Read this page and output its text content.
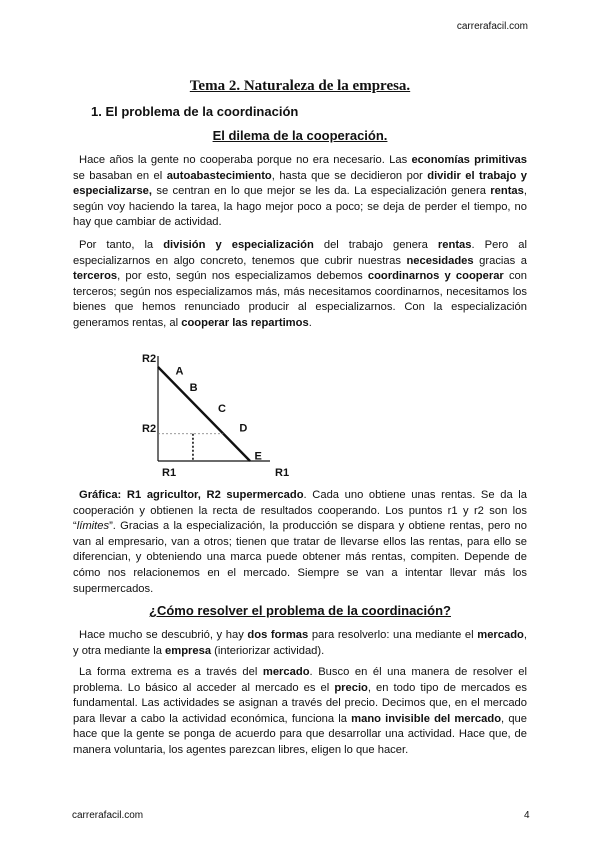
carrerafacil.com
Tema 2. Naturaleza de la empresa.
1. El problema de la coordinación
El dilema de la cooperación.

Hace años la gente no cooperaba porque no era necesario. Las economías primitivas se basaban en el autoabastecimiento, hasta que se decidieron por dividir el trabajo y especializarse, se centran en lo que mejor se les da. La especialización genera rentas, según voy haciendo la tarea, la hago mejor poco a poco; se deja de perder el tiempo, no hay que cambiar de actividad.

Por tanto, la división y especialización del trabajo genera rentas. Pero al especializarnos en algo concreto, tenemos que cubrir nuestras necesidades gracias a terceros, por esto, según nos especializamos debemos coordinarnos y cooperar con terceros; según nos especializamos más, más necesitamos coordinarnos, necesitamos los bienes que hemos renunciado producir al especializarnos. Con la especialización generamos rentas, al cooperar las repartimos.

A
B
C
D
E
R2
R2
R1	R1

Gráfica: R1 agricultor, R2 supermercado. Cada uno obtiene unas rentas. Se da la cooperación y obtienen la recta de resultados cooperando. Los puntos r1 y r2 son los “límites”. Gracias a la especialización, la producción se dispara y obtiene rentas, pero no van al empresario, van a otros; tienen que tratar de llevarse ellos las rentas, para ello se diferencian, y obteniendo una marca puede obtener más rentas, compiten. Depende de cómo nos relacionemos en el mercado. Siempre se van a intentar llevar más los supermercados.

¿Cómo resolver el problema de la coordinación?

Hace mucho se descubrió, y hay dos formas para resolverlo: una mediante el mercado, y otra mediante la empresa (interiorizar actividad).

La forma extrema es a través del mercado. Busco en él una manera de resolver el problema. Lo básico al acceder al mercado es el precio, en todo tipo de mercados es fundamental. Las actividades se asignan a través del precio. Decimos que, en el mercado para llevar a cabo la actividad económica, funciona la mano invisible del mercado, que hace que la gente se ponga de acuerdo para que desarrollar una actividad. Hace que, de manera voluntaria, los agentes parezcan libres, eligen lo que hacer.

carrerafacil.com	4
